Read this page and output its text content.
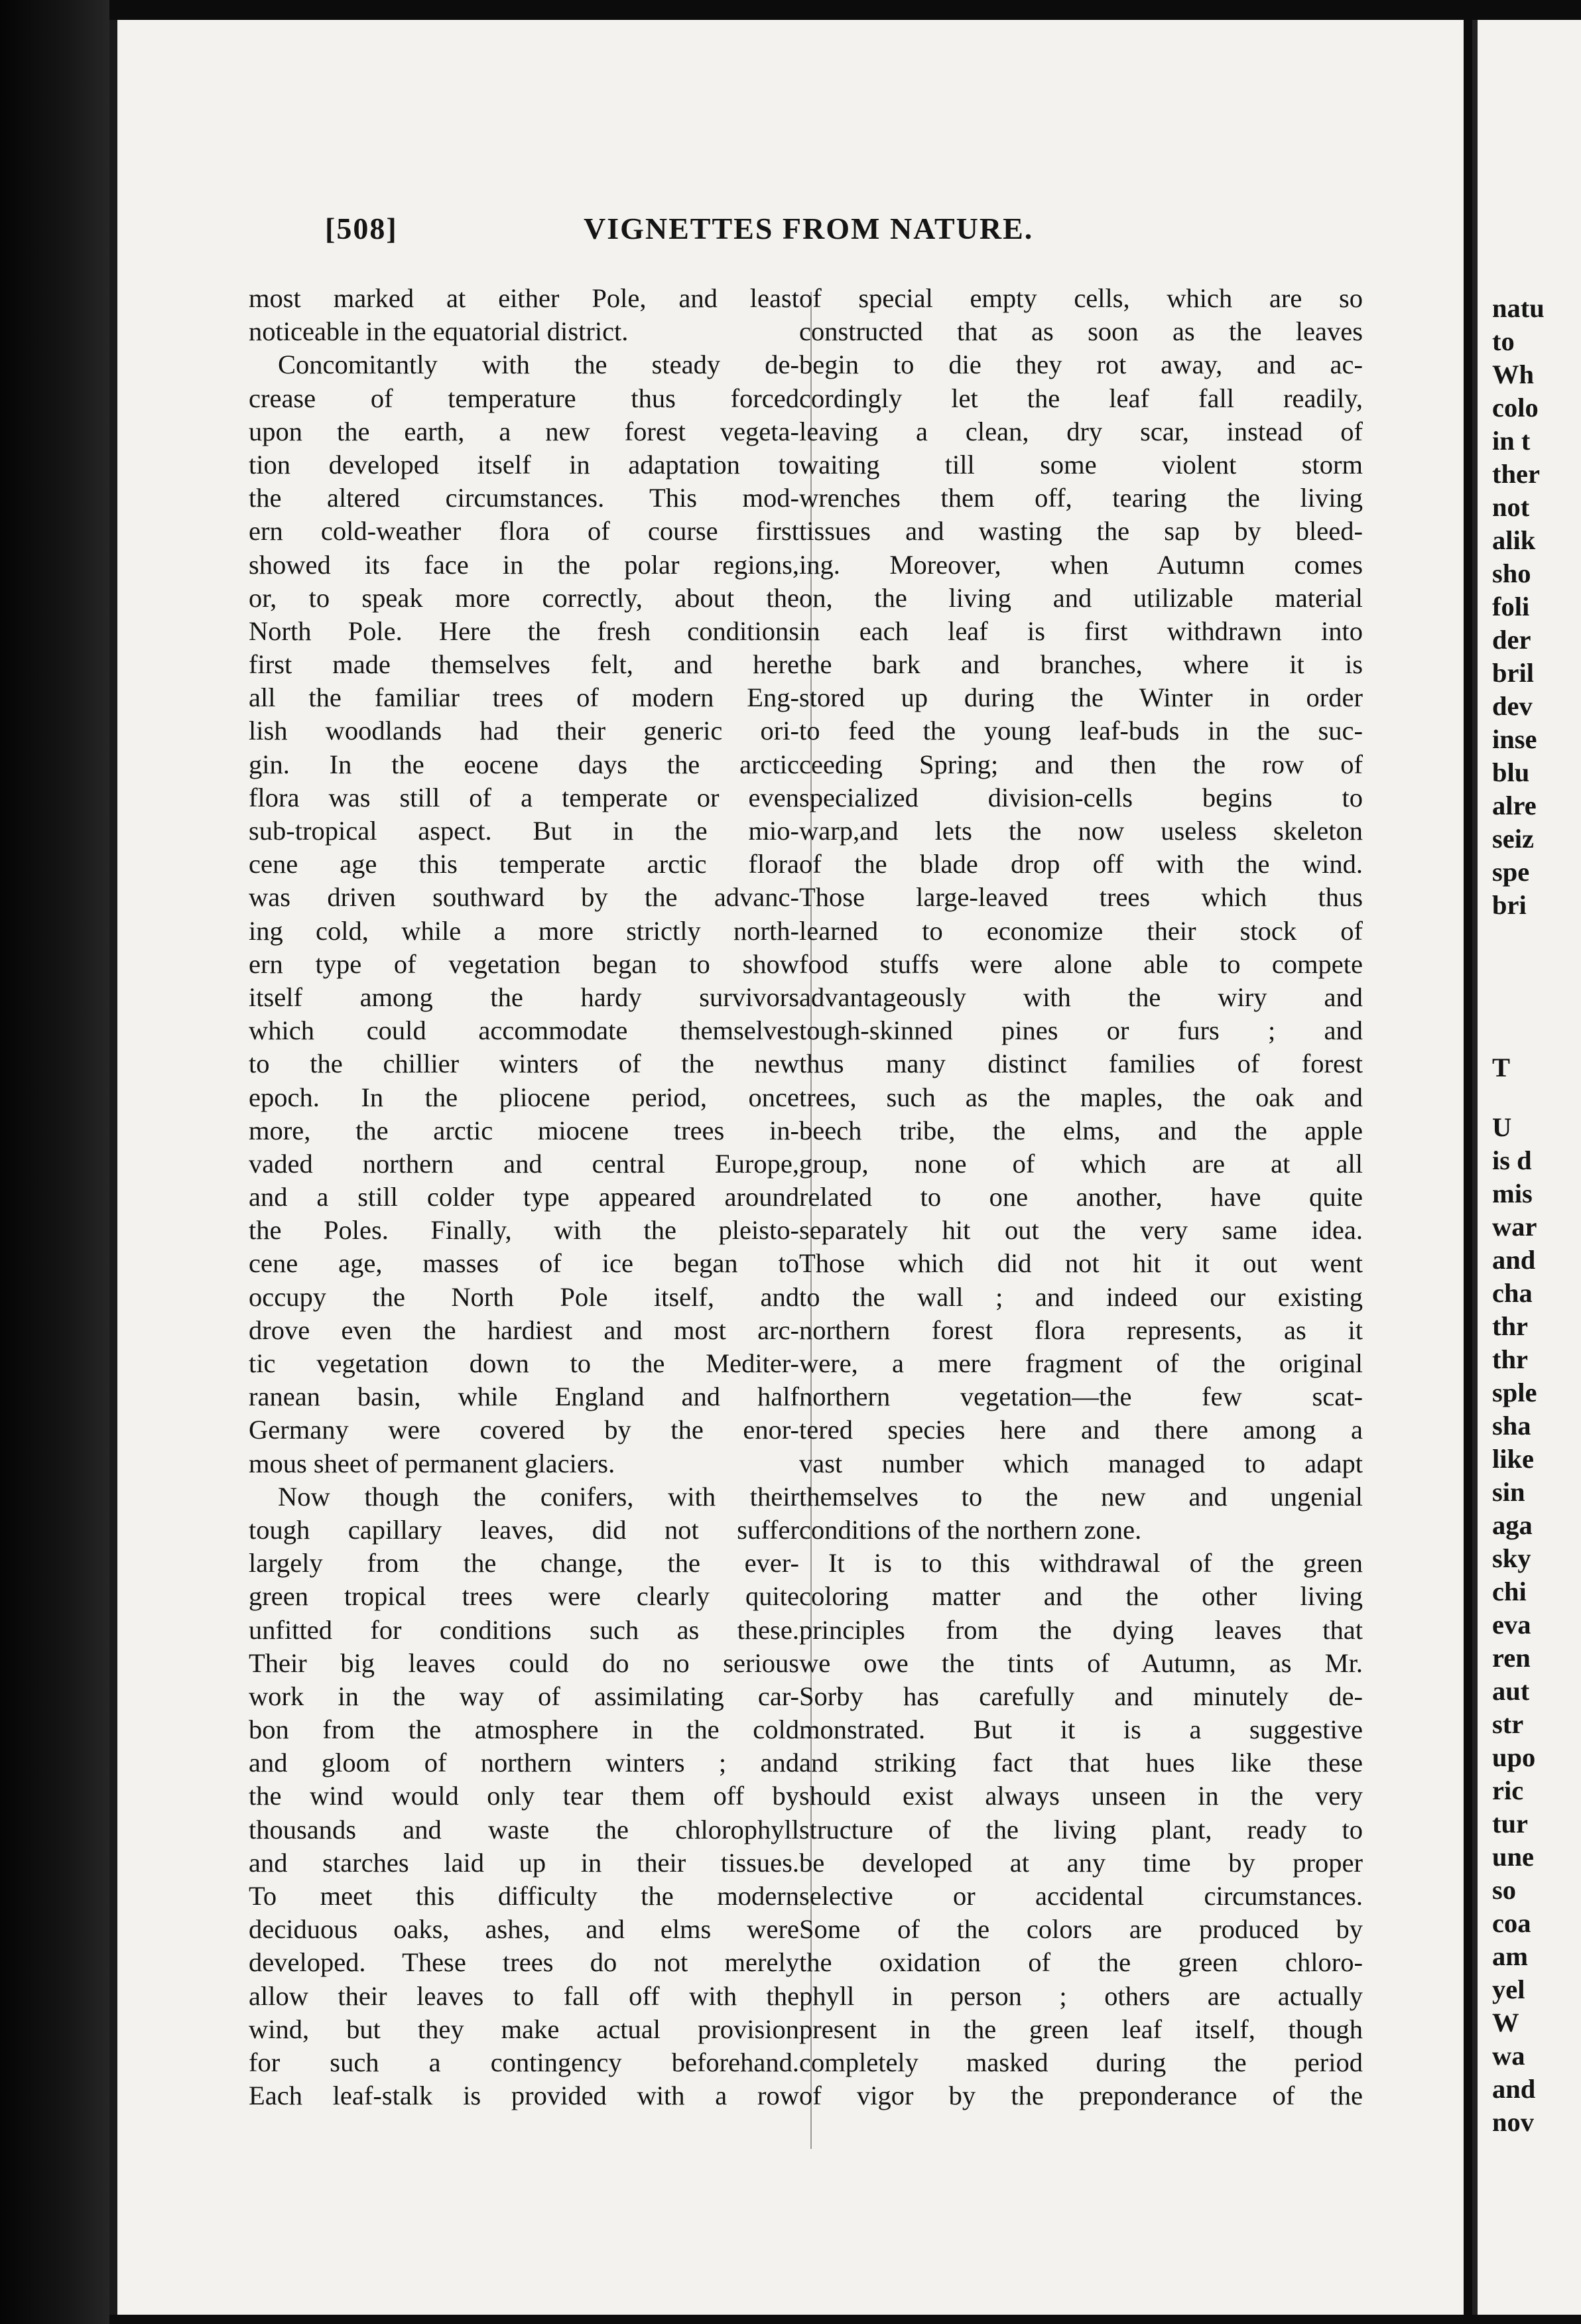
[508]	VIGNETTES FROM NATURE.
most marked at either Pole, and least
noticeable in the equatorial district.
Concomitantly with the steady de-
crease of temperature thus forced
upon the earth, a new forest vegeta-
tion developed itself in adaptation to
the altered circumstances. This mod-
ern cold-weather flora of course first
showed its face in the polar regions,
or, to speak more correctly, about the
North Pole. Here the fresh conditions
first made themselves felt, and here
all the familiar trees of modern Eng-
lish woodlands had their generic ori-
gin. In the eocene days the arctic
flora was still of a temperate or even
sub-tropical aspect. But in the mio-
cene age this temperate arctic flora
was driven southward by the advanc-
ing cold, while a more strictly north-
ern type of vegetation began to show
itself among the hardy survivors
which could accommodate themselves
to the chillier winters of the new
epoch. In the pliocene period, once
more, the arctic miocene trees in-
vaded northern and central Europe,
and a still colder type appeared around
the Poles. Finally, with the pleisto-
cene age, masses of ice began to
occupy the North Pole itself, and
drove even the hardiest and most arc-
tic vegetation down to the Mediter-
ranean basin, while England and half
Germany were covered by the enor-
mous sheet of permanent glaciers.
Now though the conifers, with their
tough capillary leaves, did not suffer
largely from the change, the ever-
green tropical trees were clearly quite
unfitted for conditions such as these.
Their big leaves could do no serious
work in the way of assimilating car-
bon from the atmosphere in the cold
and gloom of northern winters ; and
the wind would only tear them off by
thousands and waste the chlorophyll
and starches laid up in their tissues.
To meet this difficulty the modern
deciduous oaks, ashes, and elms were
developed. These trees do not merely
allow their leaves to fall off with the
wind, but they make actual provision
for such a contingency beforehand.
Each leaf-stalk is provided with a row
of special empty cells, which are so
constructed that as soon as the leaves
begin to die they rot away, and ac-
cordingly let the leaf fall readily,
leaving a clean, dry scar, instead of
waiting till some violent storm
wrenches them off, tearing the living
tissues and wasting the sap by bleed-
ing. Moreover, when Autumn comes
on, the living and utilizable material
in each leaf is first withdrawn into
the bark and branches, where it is
stored up during the Winter in order
to feed the young leaf-buds in the suc-
ceeding Spring; and then the row of
specialized division-cells begins to
warp,and lets the now useless skeleton
of the blade drop off with the wind.
Those large-leaved trees which thus
learned to economize their stock of
food stuffs were alone able to compete
advantageously with the wiry and
tough-skinned pines or furs ; and
thus many distinct families of forest
trees, such as the maples, the oak and
beech tribe, the elms, and the apple
group, none of which are at all
related to one another, have quite
separately hit out the very same idea.
Those which did not hit it out went
to the wall ; and indeed our existing
northern forest flora represents, as it
were, a mere fragment of the original
northern vegetation—the few scat-
tered species here and there among a
vast number which managed to adapt
themselves to the new and ungenial
conditions of the northern zone.
It is to this withdrawal of the green
coloring matter and the other living
principles from the dying leaves that
we owe the tints of Autumn, as Mr.
Sorby has carefully and minutely de-
monstrated. But it is a suggestive
and striking fact that hues like these
should exist always unseen in the very
structure of the living plant, ready to
be developed at any time by proper
selective or accidental circumstances.
Some of the colors are produced by
the oxidation of the green chloro-
phyll in person ; others are actually
present in the green leaf itself, though
completely masked during the period
of vigor by the preponderance of the
natu
to
Wh
colo
in t
ther
not
alik
sho
foli
der
bril
dev
inse
blu
alre
seiz
spe
bri
T
U
is d
mis
war
and
cha
thr
thr
sple
sha
like
sin
aga
sky
chi
eva
ren
aut
str
upo
ric
tur
une
so
coa
am
yel
W
wa
and
nov
